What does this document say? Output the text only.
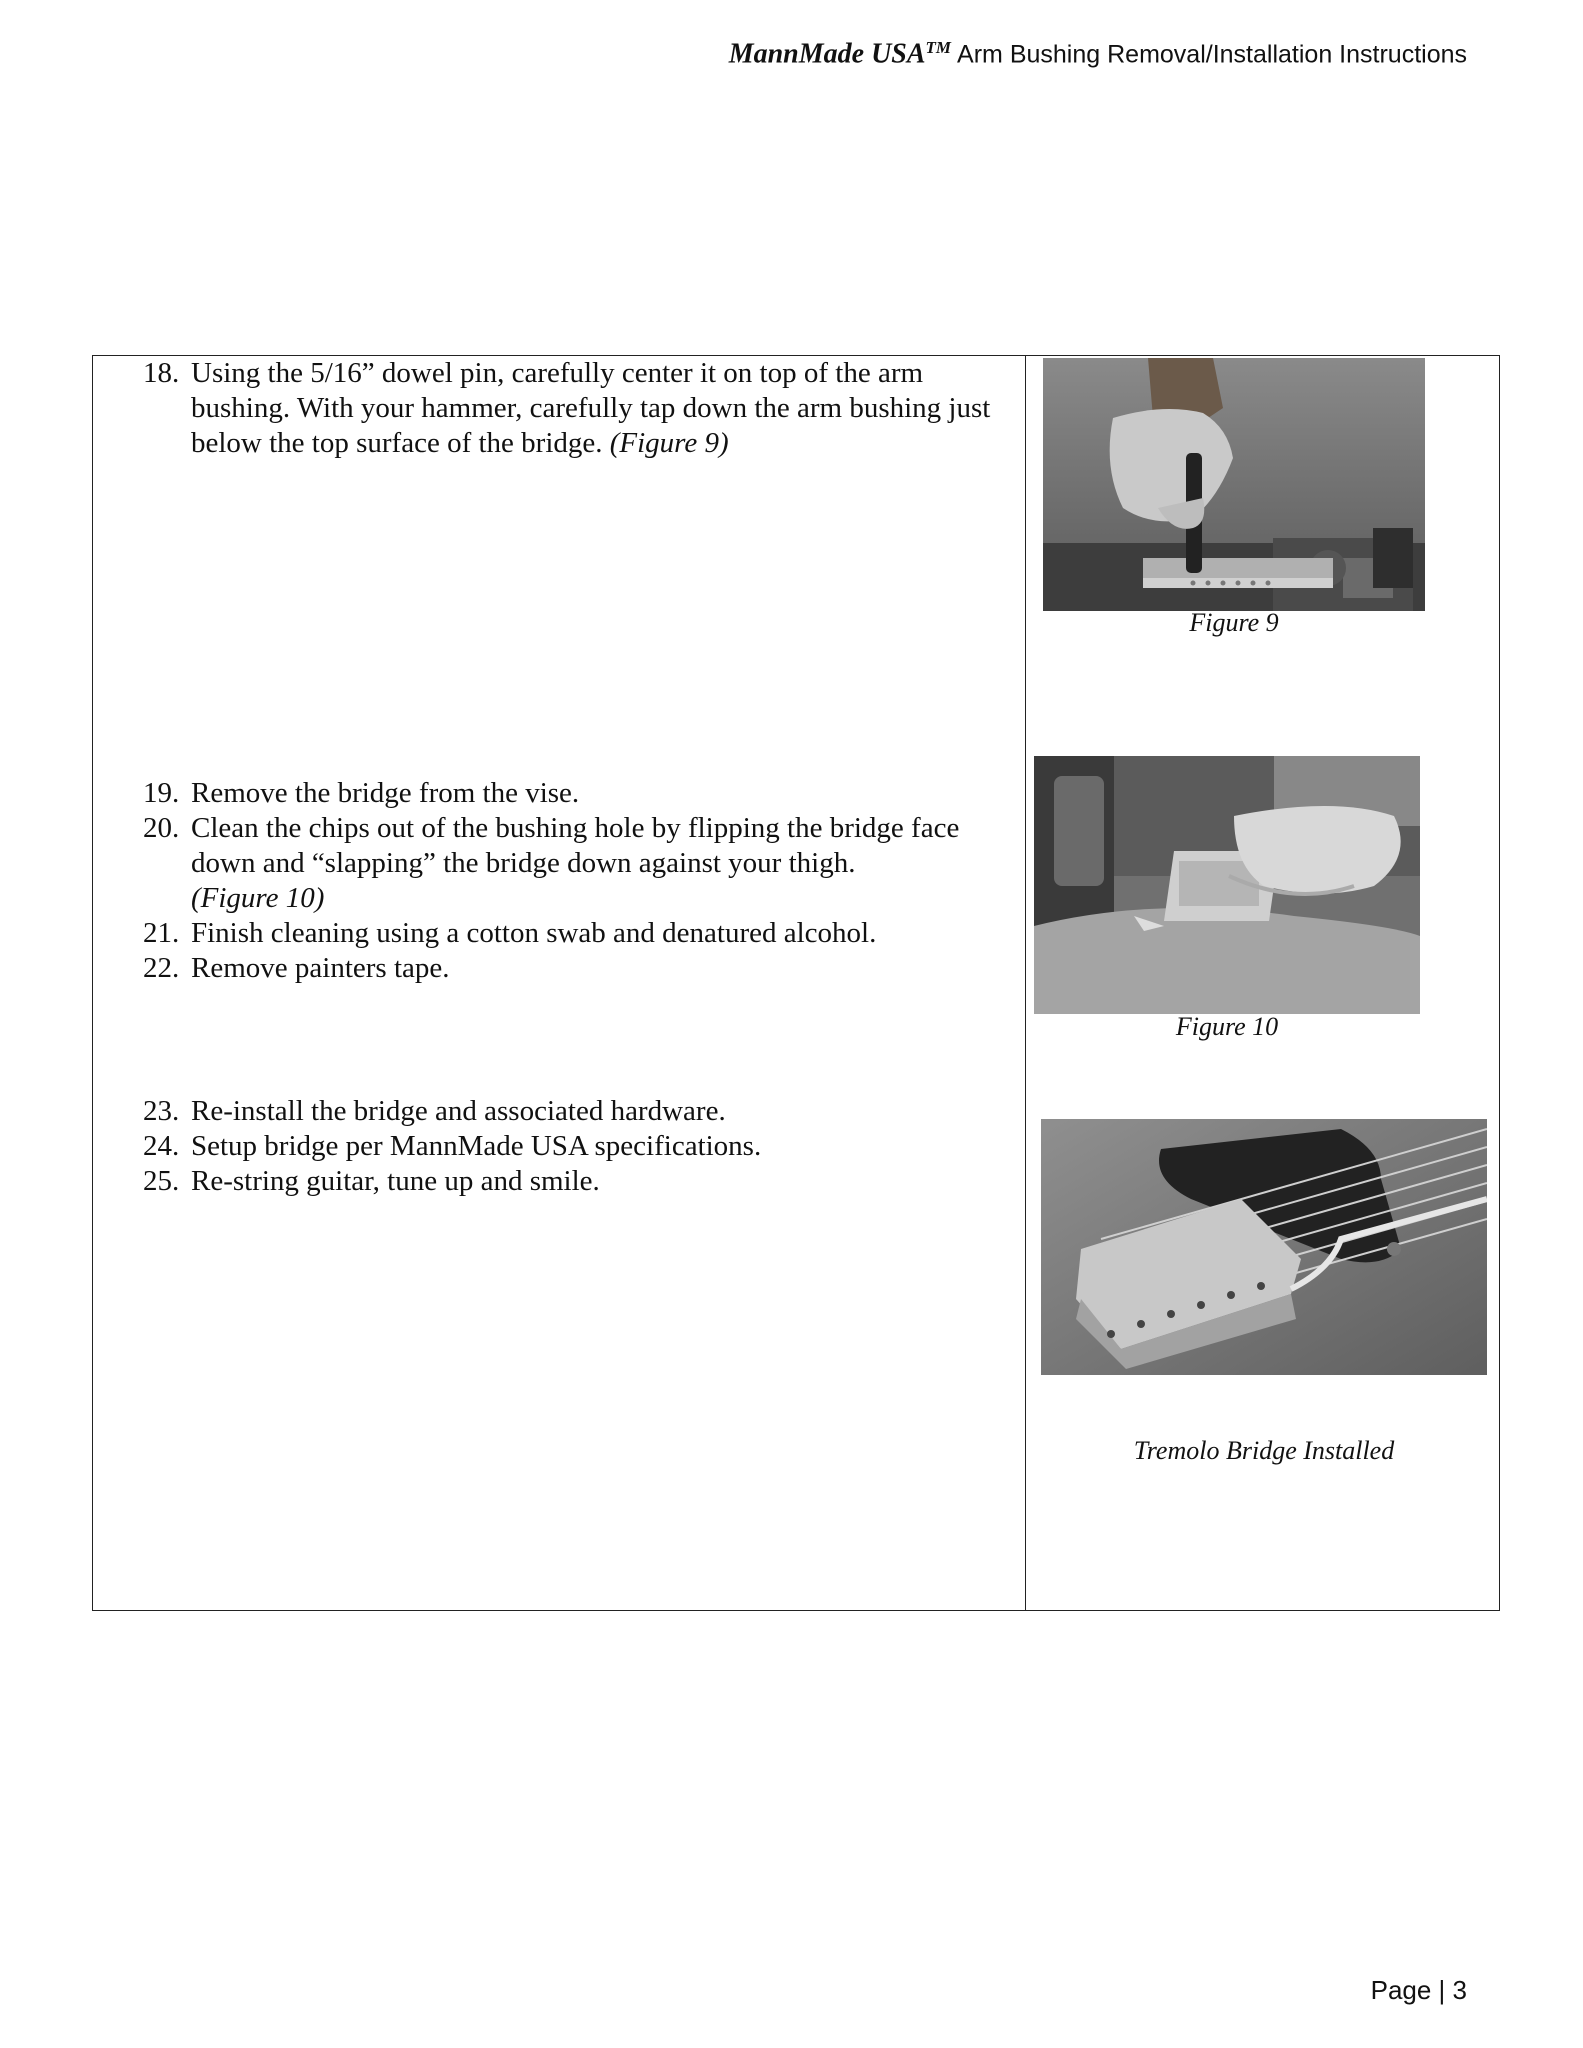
MannMade USA™ Arm Bushing Removal/Installation Instructions
18. Using the 5/16” dowel pin, carefully center it on top of the arm bushing. With your hammer, carefully tap down the arm bushing just below the top surface of the bridge. (Figure 9)
19. Remove the bridge from the vise.
20. Clean the chips out of the bushing hole by flipping the bridge face down and “slapping” the bridge down against your thigh.
(Figure 10)
21. Finish cleaning using a cotton swab and denatured alcohol.
22. Remove painters tape.
23. Re-install the bridge and associated hardware.
24. Setup bridge per MannMade USA specifications.
25. Re-string guitar, tune up and smile.
Figure 9
Figure 10
Tremolo Bridge Installed
Page | 3
